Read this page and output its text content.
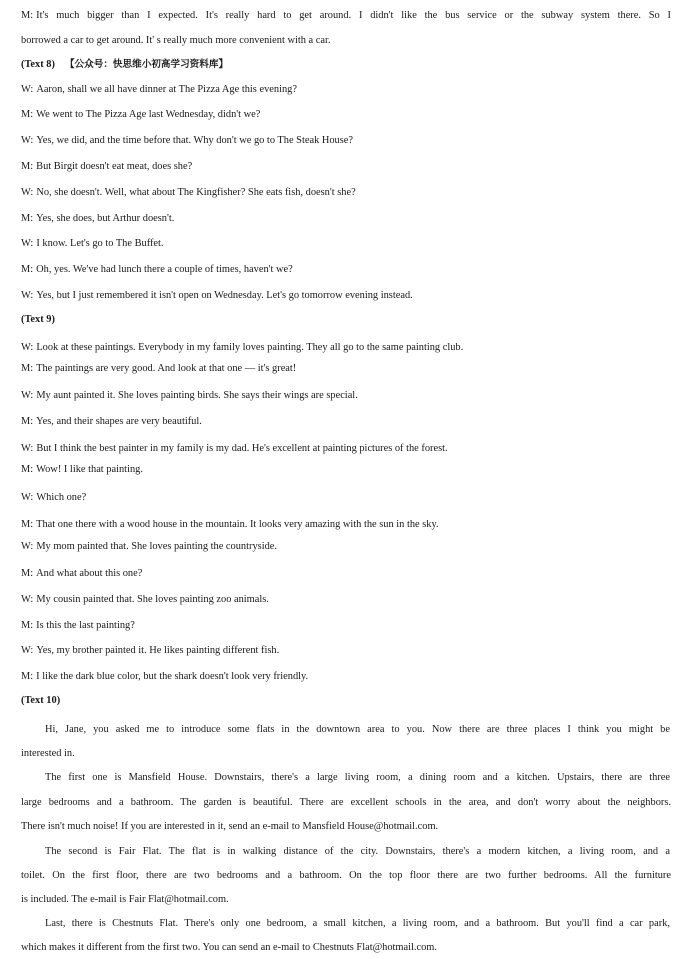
M: It's much bigger than I expected. It's really hard to get around. I didn't like the bus service or the subway system there. So I
borrowed a car to get around. It' s really much more convenient with a car.
(Text 8) 【公众号：快思维小初高学习资料库】
W: Aaron, shall we all have dinner at The Pizza Age this evening?
M: We went to The Pizza Age last Wednesday, didn't we?
W: Yes, we did, and the time before that. Why don't we go to The Steak House?
M: But Birgit doesn't eat meat, does she?
W: No, she doesn't. Well, what about The Kingfisher? She eats fish, doesn't she?
M: Yes, she does, but Arthur doesn't.
W: I know. Let's go to The Buffet.
M: Oh, yes. We've had lunch there a couple of times, haven't we?
W: Yes, but I just remembered it isn't open on Wednesday. Let's go tomorrow evening instead.
(Text 9)
W: Look at these paintings. Everybody in my family loves painting. They all go to the same painting club.
M: The paintings are very good. And look at that one — it's great!
W: My aunt painted it. She loves painting birds. She says their wings are special.
M: Yes, and their shapes are very beautiful.
W: But I think the best painter in my family is my dad. He's excellent at painting pictures of the forest.
M: Wow! I like that painting.
W: Which one?
M: That one there with a wood house in the mountain. It looks very amazing with the sun in the sky.
W: My mom painted that. She loves painting the countryside.
M: And what about this one?
W: My cousin painted that. She loves painting zoo animals.
M: Is this the last painting?
W: Yes, my brother painted it. He likes painting different fish.
M: I like the dark blue color, but the shark doesn't look very friendly.
(Text 10)
Hi, Jane, you asked me to introduce some flats in the downtown area to you. Now there are three places I think you might be
interested in.
The first one is Mansfield House. Downstairs, there's a large living room, a dining room and a kitchen. Upstairs, there are three
large bedrooms and a bathroom. The garden is beautiful. There are excellent schools in the area, and don't worry about the neighbors.
There isn't much noise! If you are interested in it, send an e-mail to Mansfield House@hotmail.com.
The second is Fair Flat. The flat is in walking distance of the city. Downstairs, there's a modern kitchen, a living room, and a
toilet. On the first floor, there are two bedrooms and a bathroom. On the top floor there are two further bedrooms. All the furniture
is included. The e-mail is Fair Flat@hotmail.com.
Last, there is Chestnuts Flat. There's only one bedroom, a small kitchen, a living room, and a bathroom. But you'll find a car park,
which makes it different from the first two. You can send an e-mail to Chestnuts Flat@hotmail.com.
